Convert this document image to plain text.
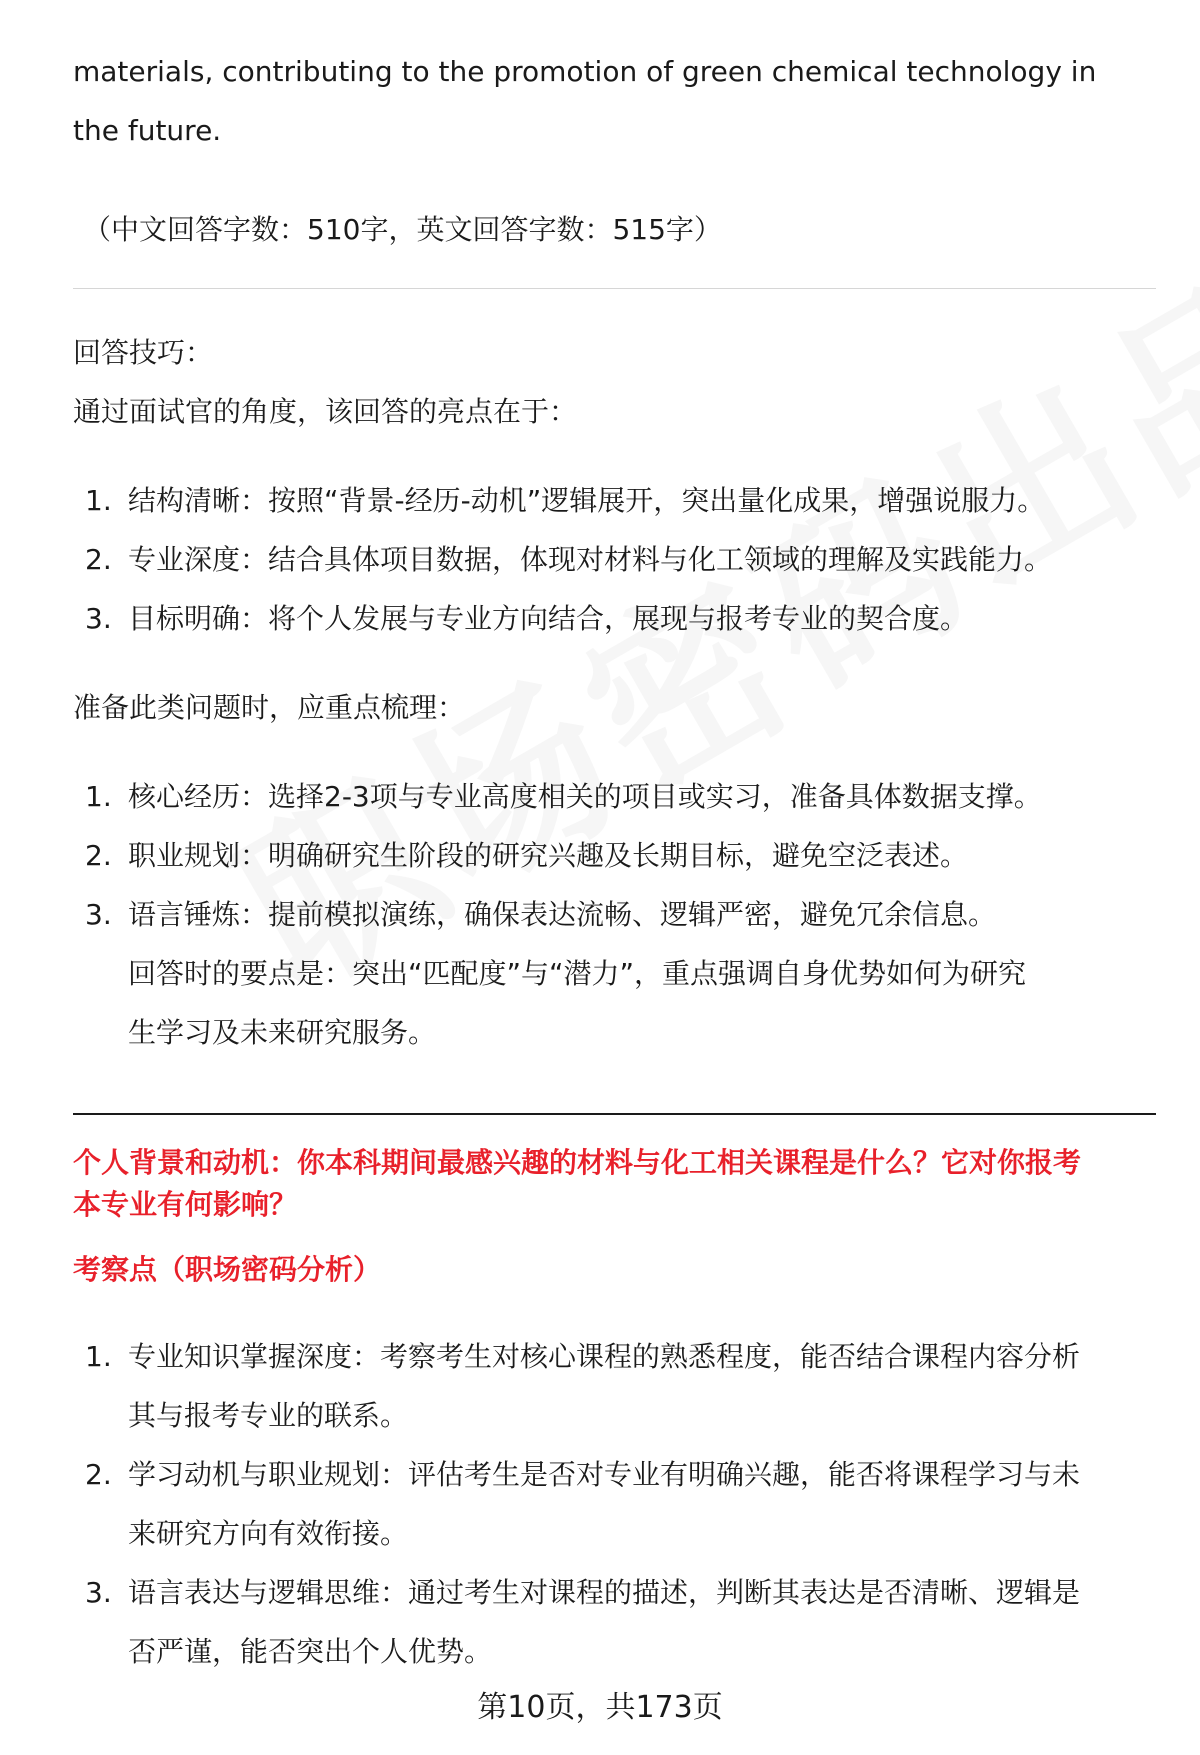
materials, contributing to the promotion of green chemical technology in

the future.

（中文回答字数：510字，英文回答字数：515字）

回答技巧：

通过面试官的角度，该回答的亮点在于：

1. 结构清晰：按照“背景-经历-动机”逻辑展开，突出量化成果，增强说服力。
2. 专业深度：结合具体项目数据，体现对材料与化工领域的理解及实践能力。
3. 目标明确：将个人发展与专业方向结合，展现与报考专业的契合度。

准备此类问题时，应重点梳理：

1. 核心经历：选择2-3项与专业高度相关的项目或实习，准备具体数据支撑。
2. 职业规划：明确研究生阶段的研究兴趣及长期目标，避免空泛表述。
3. 语言锤炼：提前模拟演练，确保表达流畅、逻辑严密，避免冗余信息。
回答时的要点是：突出“匹配度”与“潜力”，重点强调自身优势如何为研究
生学习及未来研究服务。

个人背景和动机：你本科期间最感兴趣的材料与化工相关课程是什么？它对你报考

本专业有何影响？

考察点（职场密码分析）

1. 专业知识掌握深度：考察考生对核心课程的熟悉程度，能否结合课程内容分析
其与报考专业的联系。
2. 学习动机与职业规划：评估考生是否对专业有明确兴趣，能否将课程学习与未
来研究方向有效衔接。
3. 语言表达与逻辑思维：通过考生对课程的描述，判断其表达是否清晰、逻辑是
否严谨，能否突出个人优势。
第10页，共173页
